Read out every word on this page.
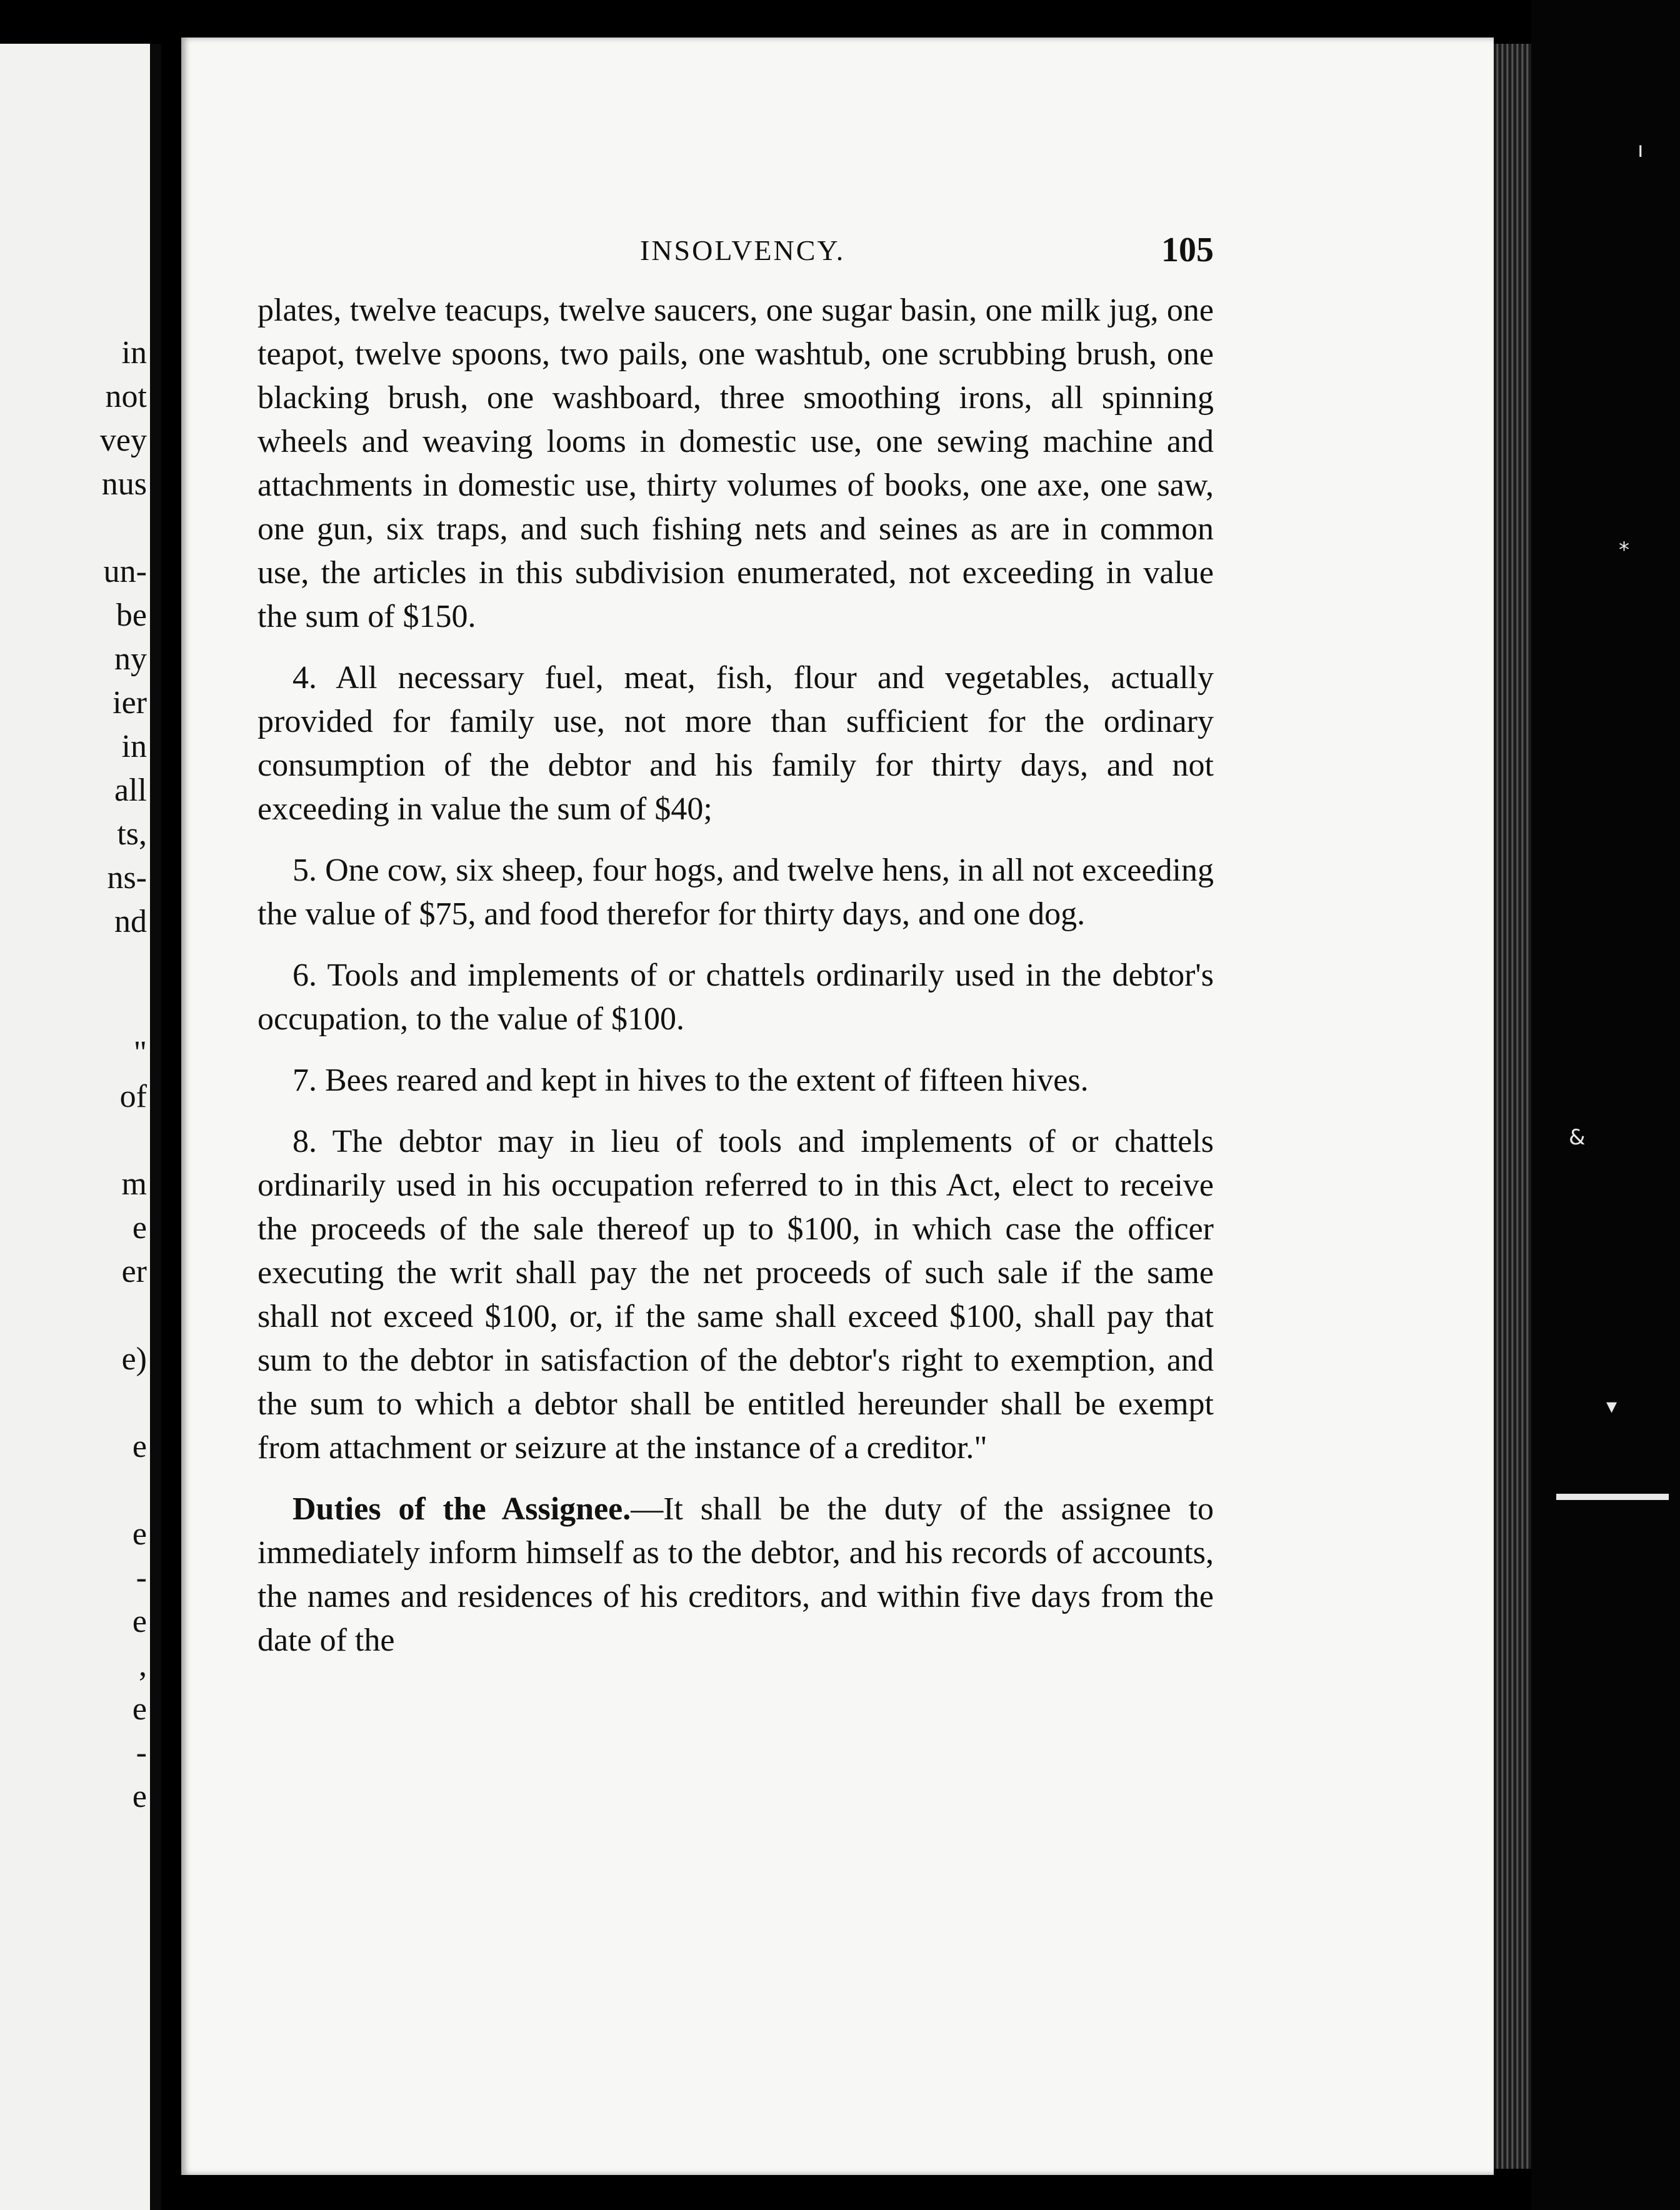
in
not
vey
nus
un-
be
ny
ier
in
all
ts,
ns-
nd
"
of
m
e
er
e)
e
e
-
e
,
e
-
e
ı
*
&
▾
INSOLVENCY.	105

plates, twelve teacups, twelve saucers, one sugar basin, one milk jug, one teapot, twelve spoons, two pails, one washtub, one scrubbing brush, one blacking brush, one washboard, three smoothing irons, all spinning wheels and weaving looms in domestic use, one sewing machine and attachments in domestic use, thirty volumes of books, one axe, one saw, one gun, six traps, and such fishing nets and seines as are in common use, the articles in this subdivision enumerated, not exceeding in value the sum of $150.

4. All necessary fuel, meat, fish, flour and vegetables, actually provided for family use, not more than sufficient for the ordinary consumption of the debtor and his family for thirty days, and not exceeding in value the sum of $40;

5. One cow, six sheep, four hogs, and twelve hens, in all not exceeding the value of $75, and food therefor for thirty days, and one dog.

6. Tools and implements of or chattels ordinarily used in the debtor's occupation, to the value of $100.

7. Bees reared and kept in hives to the extent of fifteen hives.

8. The debtor may in lieu of tools and implements of or chattels ordinarily used in his occupation referred to in this Act, elect to receive the proceeds of the sale thereof up to $100, in which case the officer executing the writ shall pay the net proceeds of such sale if the same shall not exceed $100, or, if the same shall exceed $100, shall pay that sum to the debtor in satisfaction of the debtor's right to exemption, and the sum to which a debtor shall be entitled hereunder shall be exempt from attachment or seizure at the instance of a creditor."

Duties of the Assignee.—It shall be the duty of the assignee to immediately inform himself as to the debtor, and his records of accounts, the names and residences of his creditors, and within five days from the date of the
